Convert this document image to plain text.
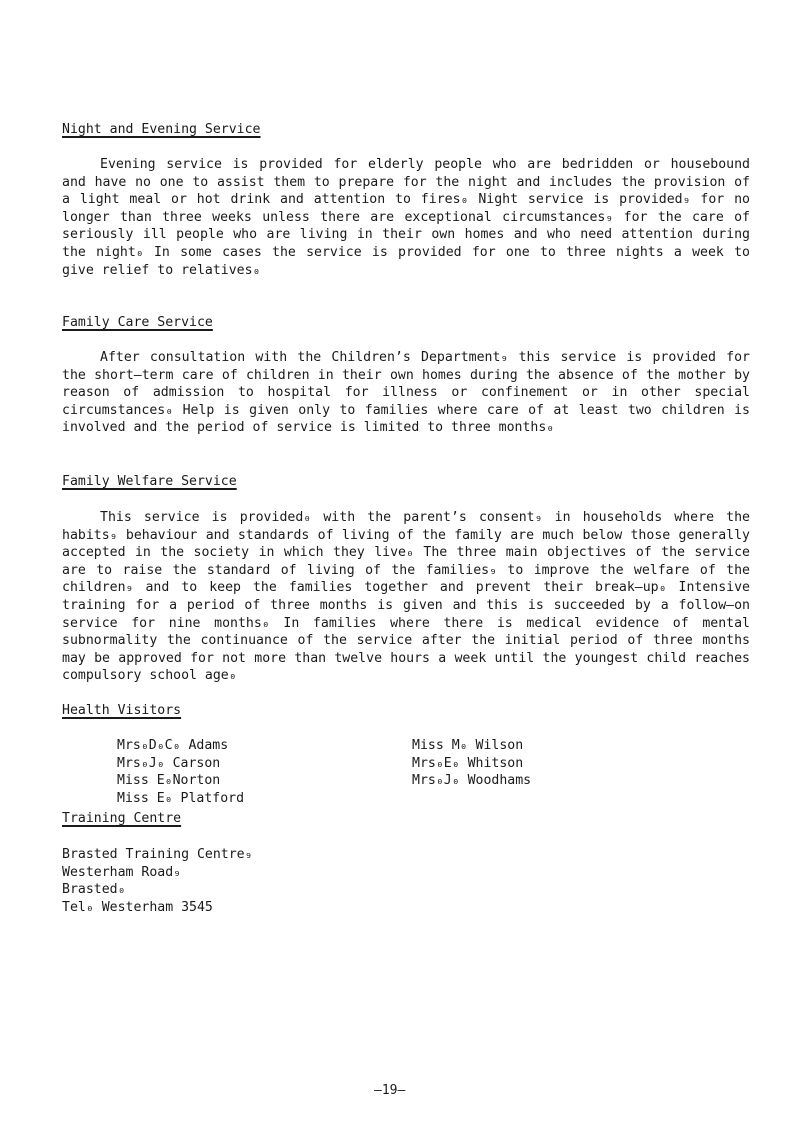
Night and Evening Service

Evening service is provided for elderly people who are bedridden or housebound and have no one to assist them to prepare for the night and includes the provision of a light meal or hot drink and attention to fires₀ Night service is provided₉ for no longer than three weeks unless there are exceptional circumstances₉ for the care of seriously ill people who are living in their own homes and who need attention during the night₀ In some cases the service is provided for one to three nights a week to give relief to relatives₀

Family Care Service

After consultation with the Children’s Department₉ this service is provided for the short–term care of children in their own homes during the absence of the mother by reason of admission to hospital for illness or confinement or in other special circumstances₀ Help is given only to families where care of at least two children is involved and the period of service is limited to three months₀

Family Welfare Service

This service is provided₀ with the parent’s consent₉ in households where the habits₉ behaviour and standards of living of the family are much below those generally accepted in the society in which they live₀ The three main objectives of the service are to raise the standard of living of the families₉ to improve the welfare of the children₉ and to keep the families together and prevent their break–up₀ Intensive training for a period of three months is given and this is succeeded by a follow–on service for nine months₀ In families where there is medical evidence of mental subnormality the continuance of the service after the initial period of three months may be approved for not more than twelve hours a week until the youngest child reaches compulsory school age₀

Health Visitors
Mrs₀D₀C₀ Adams
Mrs₀J₀ Carson
Miss E₀Norton
Miss E₀ Platford
Miss M₀ Wilson
Mrs₀E₀ Whitson
Mrs₀J₀ Woodhams
Training Centre
Brasted Training Centre₉
Westerham Road₉
Brasted₀
Tel₀ Westerham 3545
–19–
